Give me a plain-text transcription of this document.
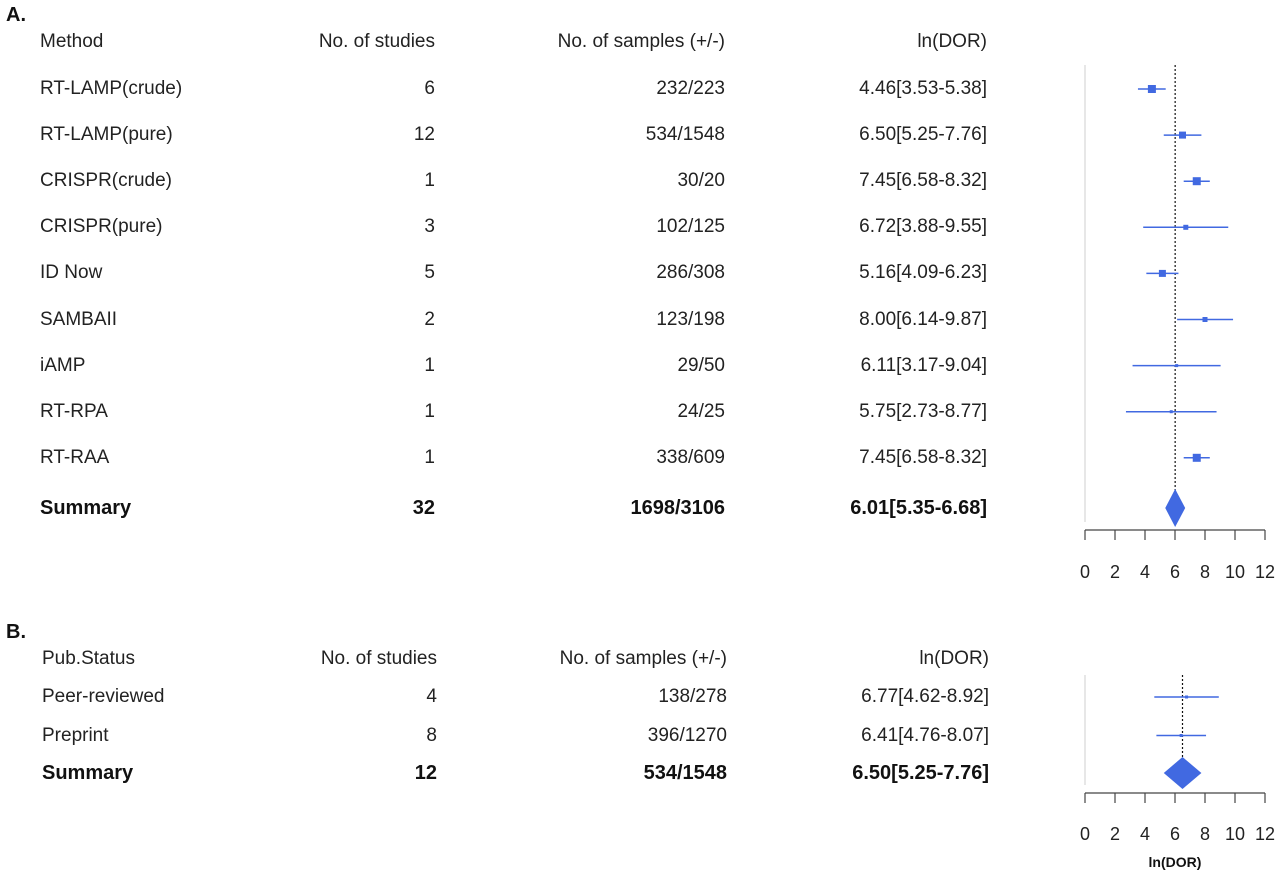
A.
Method	No. of studies	No. of samples (+/-)	ln(DOR)
RT-LAMP(crude)	6	232/223	4.46[3.53-5.38]
RT-LAMP(pure)	12	534/1548	6.50[5.25-7.76]
CRISPR(crude)	1	30/20	7.45[6.58-8.32]
CRISPR(pure)	3	102/125	6.72[3.88-9.55]
ID Now	5	286/308	5.16[4.09-6.23]
SAMBAII	2	123/198	8.00[6.14-9.87]
iAMP	1	29/50	6.11[3.17-9.04]
RT-RPA	1	24/25	5.75[2.73-8.77]
RT-RAA	1	338/609	7.45[6.58-8.32]
Summary	32	1698/3106	6.01[5.35-6.68]
B.
Pub.Status	No. of studies	No. of samples (+/-)	ln(DOR)
Peer-reviewed	4	138/278	6.77[4.62-8.92]
Preprint	8	396/1270	6.41[4.76-8.07]
Summary	12	534/1548	6.50[5.25-7.76]
0 2 4 6 8 10 12
0 2 4 6 8 10 12
ln(DOR)
